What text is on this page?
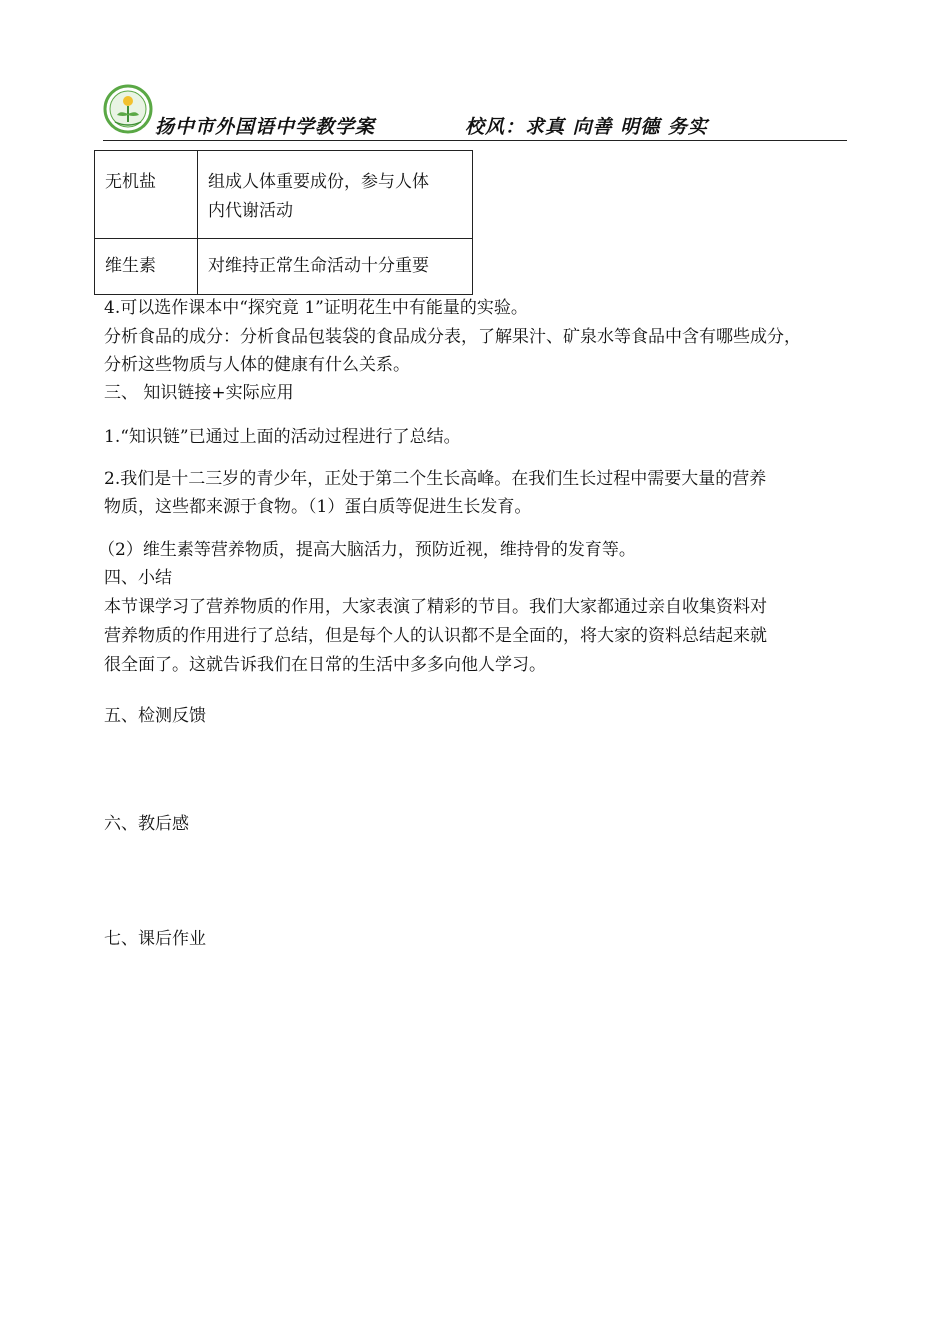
扬中市外国语中学教学案	校风：求真 向善 明德 务实
无机盐	组成人体重要成份，参与人体
内代谢活动
维生素	对维持正常生命活动十分重要
4.可以选作课本中“探究竟 1”证明花生中有能量的实验。
分析食品的成分：分析食品包装袋的食品成分表，了解果汁、矿泉水等食品中含有哪些成分，
分析这些物质与人体的健康有什么关系。
三、 知识链接+实际应用
1.“知识链”已通过上面的活动过程进行了总结。
2.我们是十二三岁的青少年，正处于第二个生长高峰。在我们生长过程中需要大量的营养
物质，这些都来源于食物。（1）蛋白质等促进生长发育。
（2）维生素等营养物质，提高大脑活力，预防近视，维持骨的发育等。
四、小结
本节课学习了营养物质的作用，大家表演了精彩的节目。我们大家都通过亲自收集资料对
营养物质的作用进行了总结，但是每个人的认识都不是全面的，将大家的资料总结起来就
很全面了。这就告诉我们在日常的生活中多多向他人学习。
五、检测反馈
六、教后感
七、课后作业
